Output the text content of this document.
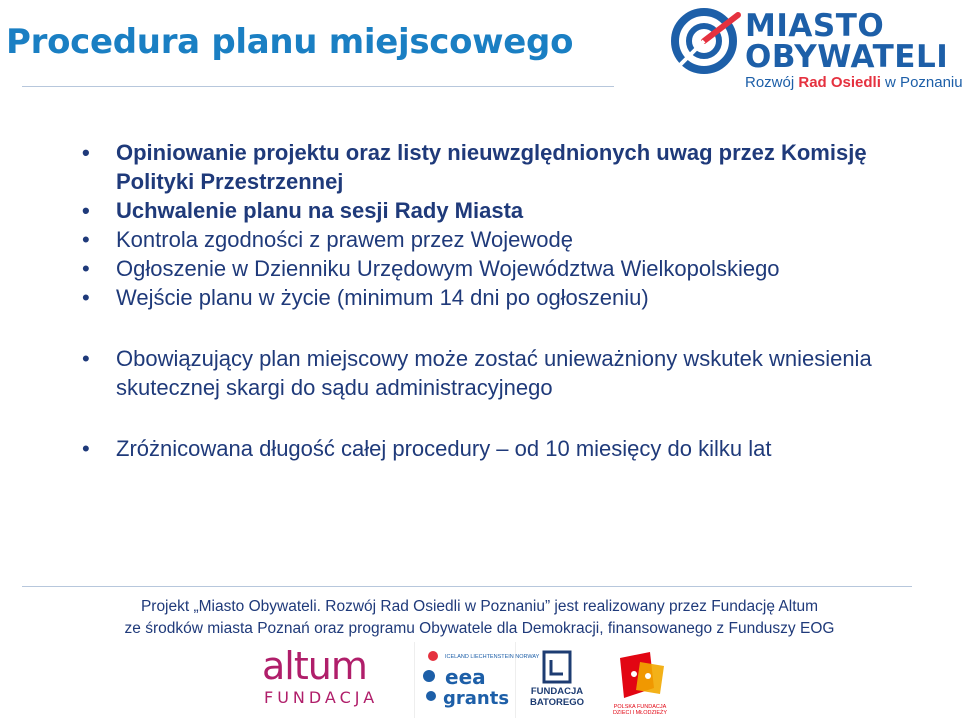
Procedura planu miejscowego	MIASTO
OBYWATELI
Rozwój Rad Osiedli w Poznaniu
• Opiniowanie projektu oraz listy nieuwzględnionych uwag przez Komisję Polityki Przestrzennej
• Uchwalenie planu na sesji Rady Miasta
• Kontrola zgodności z prawem przez Wojewodę
• Ogłoszenie w Dzienniku Urzędowym Województwa Wielkopolskiego
• Wejście planu w życie (minimum 14 dni po ogłoszeniu)
• Obowiązujący plan miejscowy może zostać unieważniony wskutek wniesienia skutecznej skargi do sądu administracyjnego
• Zróżnicowana długość całej procedury – od 10 miesięcy do kilku lat
Projekt „Miasto Obywateli. Rozwój Rad Osiedli w Poznaniu” jest realizowany przez Fundację Altum
ze środków miasta Poznań oraz programu Obywatele dla Demokracji, finansowanego z Funduszy EOG
altum
FUNDACJA
ICELAND LIECHTENSTEIN NORWAY
eea
grants	FUNDACJA
BATOREGO	POLSKA FUNDACJA DZIECI I MŁODZIEŻY
